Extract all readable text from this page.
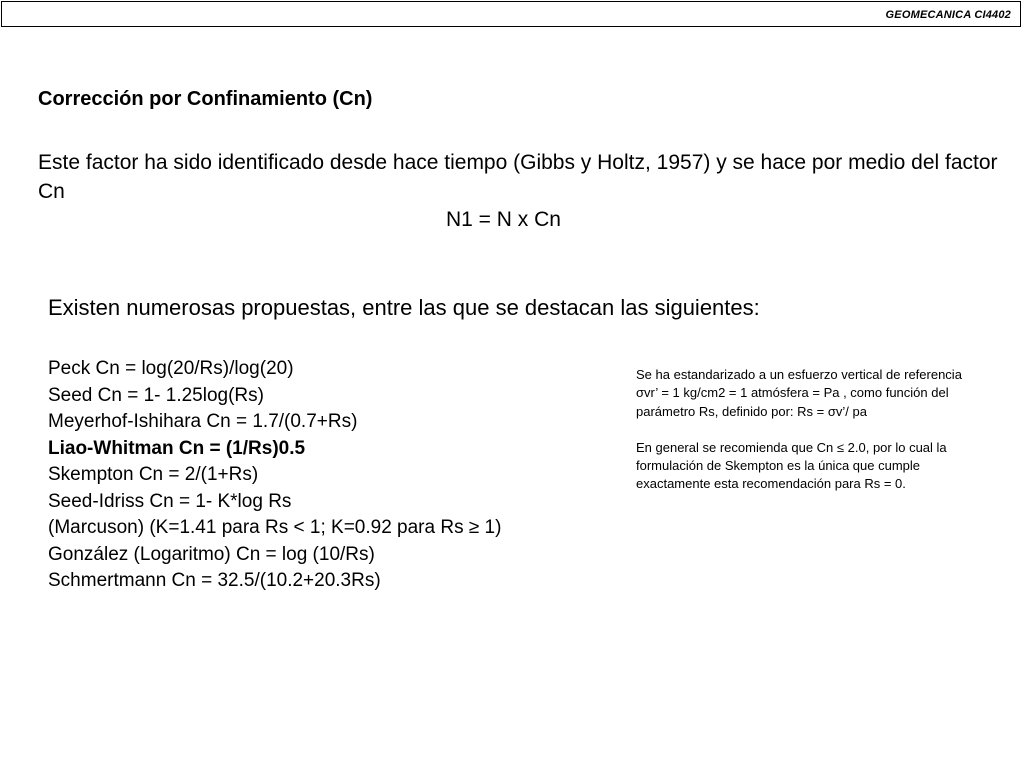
GEOMECANICA CI4402
Corrección por Confinamiento (Cn)

Este factor ha sido identificado desde hace tiempo (Gibbs y Holtz, 1957) y se hace por medio del factor Cn

N1 = N x Cn
Existen numerosas propuestas, entre las que se destacan las siguientes:
Peck Cn = log(20/Rs)/log(20)
Seed Cn = 1- 1.25log(Rs)
Meyerhof-Ishihara Cn = 1.7/(0.7+Rs)
Liao-Whitman Cn = (1/Rs)0.5
Skempton Cn = 2/(1+Rs)
Seed-Idriss Cn = 1- K*log Rs
(Marcuson) (K=1.41 para Rs < 1; K=0.92 para Rs ≥ 1)
González (Logaritmo) Cn = log (10/Rs)
Schmertmann Cn = 32.5/(10.2+20.3Rs)

Se ha estandarizado a un esfuerzo vertical de referencia σvr’ = 1 kg/cm2 = 1 atmósfera = Pa , como función del parámetro Rs, definido por: Rs = σv’/ pa

En general se recomienda que Cn ≤ 2.0, por lo cual la formulación de Skempton es la única que cumple exactamente esta recomendación para Rs = 0.
